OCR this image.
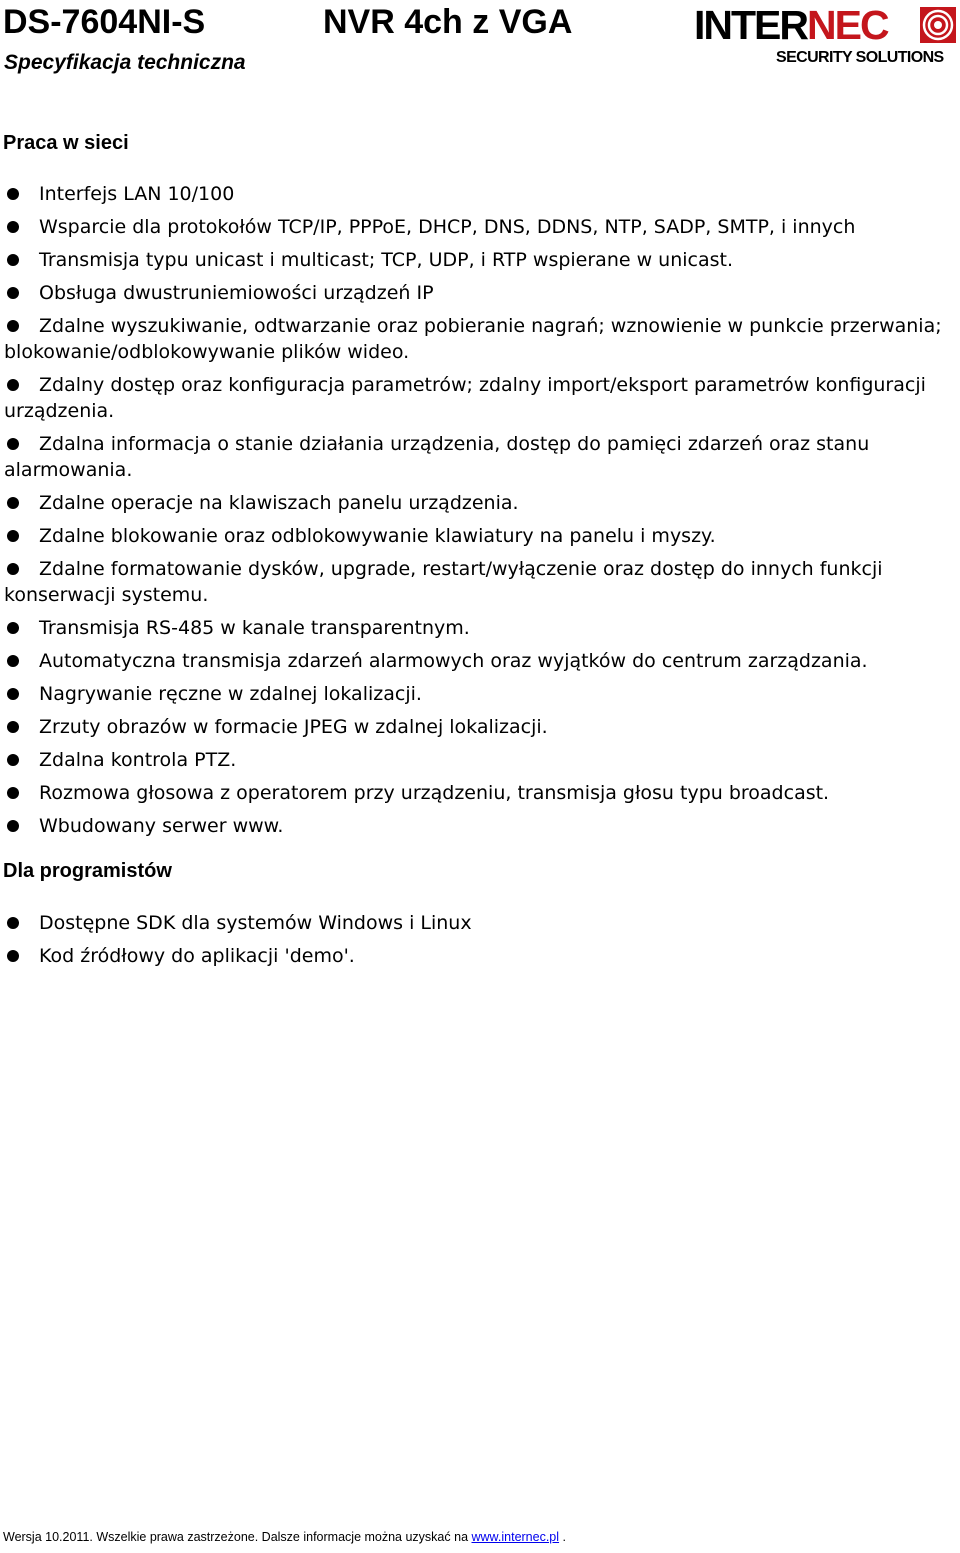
DS-7604NI-S	NVR 4ch z VGA
Specyfikacja techniczna
INTERNEC
SECURITY SOLUTIONS
Praca w sieci
Interfejs LAN 10/100
Wsparcie dla protokołów TCP/IP, PPPoE, DHCP, DNS, DDNS, NTP, SADP, SMTP, i innych
Transmisja typu unicast i multicast; TCP, UDP, i RTP wspierane w unicast.
Obsługa dwustruniemiowości urządzeń IP
Zdalne wyszukiwanie, odtwarzanie oraz pobieranie nagrań; wznowienie w punkcie przerwania; blokowanie/odblokowywanie plików wideo.
Zdalny dostęp oraz konfiguracja parametrów; zdalny import/eksport parametrów konfiguracji urządzenia.
Zdalna informacja o stanie działania urządzenia, dostęp do pamięci zdarzeń oraz stanu alarmowania.
Zdalne operacje na klawiszach panelu urządzenia.
Zdalne blokowanie oraz odblokowywanie klawiatury na panelu i myszy.
Zdalne formatowanie dysków, upgrade, restart/wyłączenie oraz dostęp do innych funkcji konserwacji systemu.
Transmisja RS-485 w kanale transparentnym.
Automatyczna transmisja zdarzeń alarmowych oraz wyjątków do centrum zarządzania.
Nagrywanie ręczne w zdalnej lokalizacji.
Zrzuty obrazów w formacie JPEG w zdalnej lokalizacji.
Zdalna kontrola PTZ.
Rozmowa głosowa z operatorem przy urządzeniu, transmisja głosu typu broadcast.
Wbudowany serwer www.
Dla programistów
Dostępne SDK dla systemów Windows i Linux
Kod źródłowy do aplikacji 'demo'.
Wersja 10.2011. Wszelkie prawa zastrzeżone. Dalsze informacje można uzyskać na www.internec.pl .
